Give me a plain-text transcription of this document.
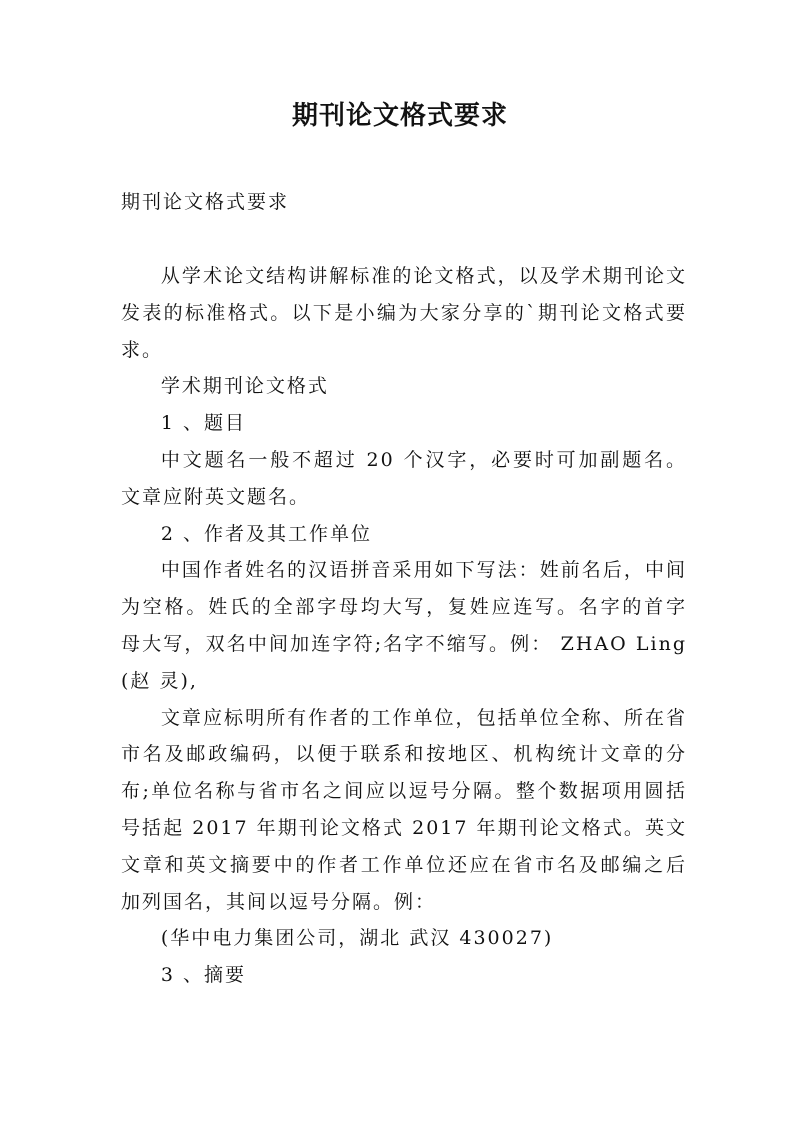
期刊论文格式要求
期刊论文格式要求

从学术论文结构讲解标准的论文格式，以及学术期刊论文发表的标准格式。以下是小编为大家分享的`期刊论文格式要求。

学术期刊论文格式

1 、题目

中文题名一般不超过 20 个汉字，必要时可加副题名。文章应附英文题名。

2 、作者及其工作单位

中国作者姓名的汉语拼音采用如下写法：姓前名后，中间为空格。姓氏的全部字母均大写，复姓应连写。名字的首字母大写，双名中间加连字符;名字不缩写。例： ZHAO Ling (赵 灵),

文章应标明所有作者的工作单位，包括单位全称、所在省市名及邮政编码，以便于联系和按地区、机构统计文章的分布;单位名称与省市名之间应以逗号分隔。整个数据项用圆括号括起 2017 年期刊论文格式 2017 年期刊论文格式。英文文章和英文摘要中的作者工作单位还应在省市名及邮编之后加列国名，其间以逗号分隔。例：

(华中电力集团公司，湖北 武汉 430027)

3 、摘要
